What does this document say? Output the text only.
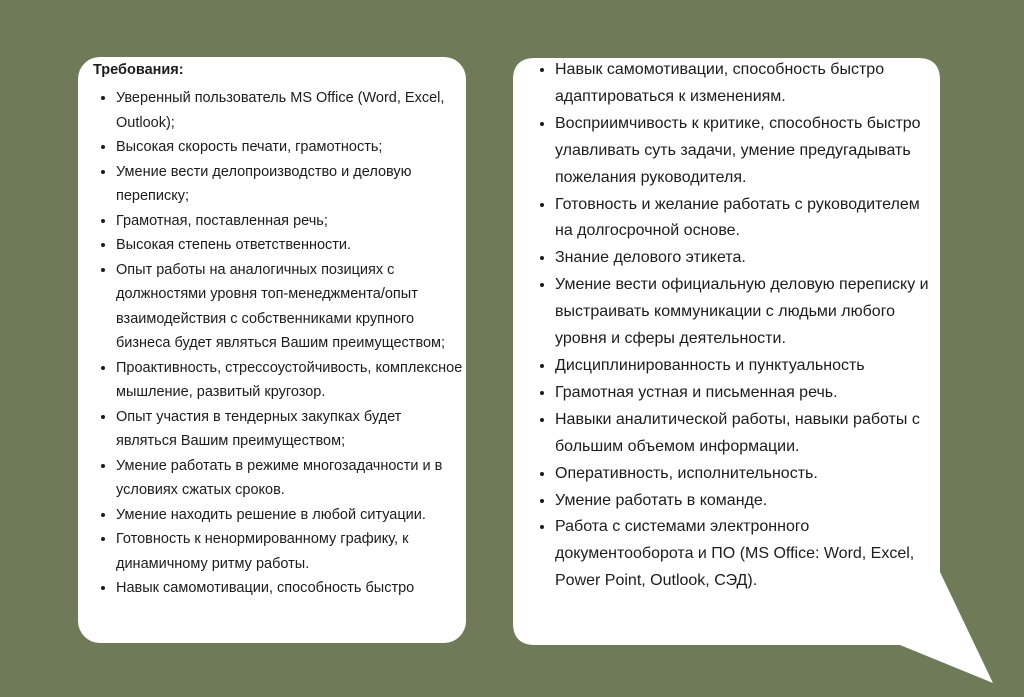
Требования:
• Уверенный пользователь MS Office (Word, Excel, Outlook);
• Высокая скорость печати, грамотность;
• Умение вести делопроизводство и деловую переписку;
• Грамотная, поставленная речь;
• Высокая степень ответственности.
• Опыт работы на аналогичных позициях с должностями уровня топ-менеджмента/опыт взаимодействия с собственниками крупного бизнеса будет являться Вашим преимуществом;
• Проактивность, стрессоустойчивость, комплексное мышление, развитый кругозор.
• Опыт участия в тендерных закупках будет являться Вашим преимуществом;
• Умение работать в режиме многозадачности и в условиях сжатых сроков.
• Умение находить решение в любой ситуации.
• Готовность к ненормированному графику, к динамичному ритму работы.
• Навык самомотивации, способность быстро
• Навык самомотивации, способность быстро адаптироваться к изменениям.
• Восприимчивость к критике, способность быстро улавливать суть задачи, умение предугадывать пожелания руководителя.
• Готовность и желание работать с руководителем на долгосрочной основе.
• Знание делового этикета.
• Умение вести официальную деловую переписку и выстраивать коммуникации с людьми любого уровня и сферы деятельности.
• Дисциплинированность и пунктуальность
• Грамотная устная и письменная речь.
• Навыки аналитической работы, навыки работы с большим объемом информации.
• Оперативность, исполнительность.
• Умение работать в команде.
• Работа с системами электронного документооборота и ПО (MS Office: Word, Excel, Power Point, Outlook, СЭД).
